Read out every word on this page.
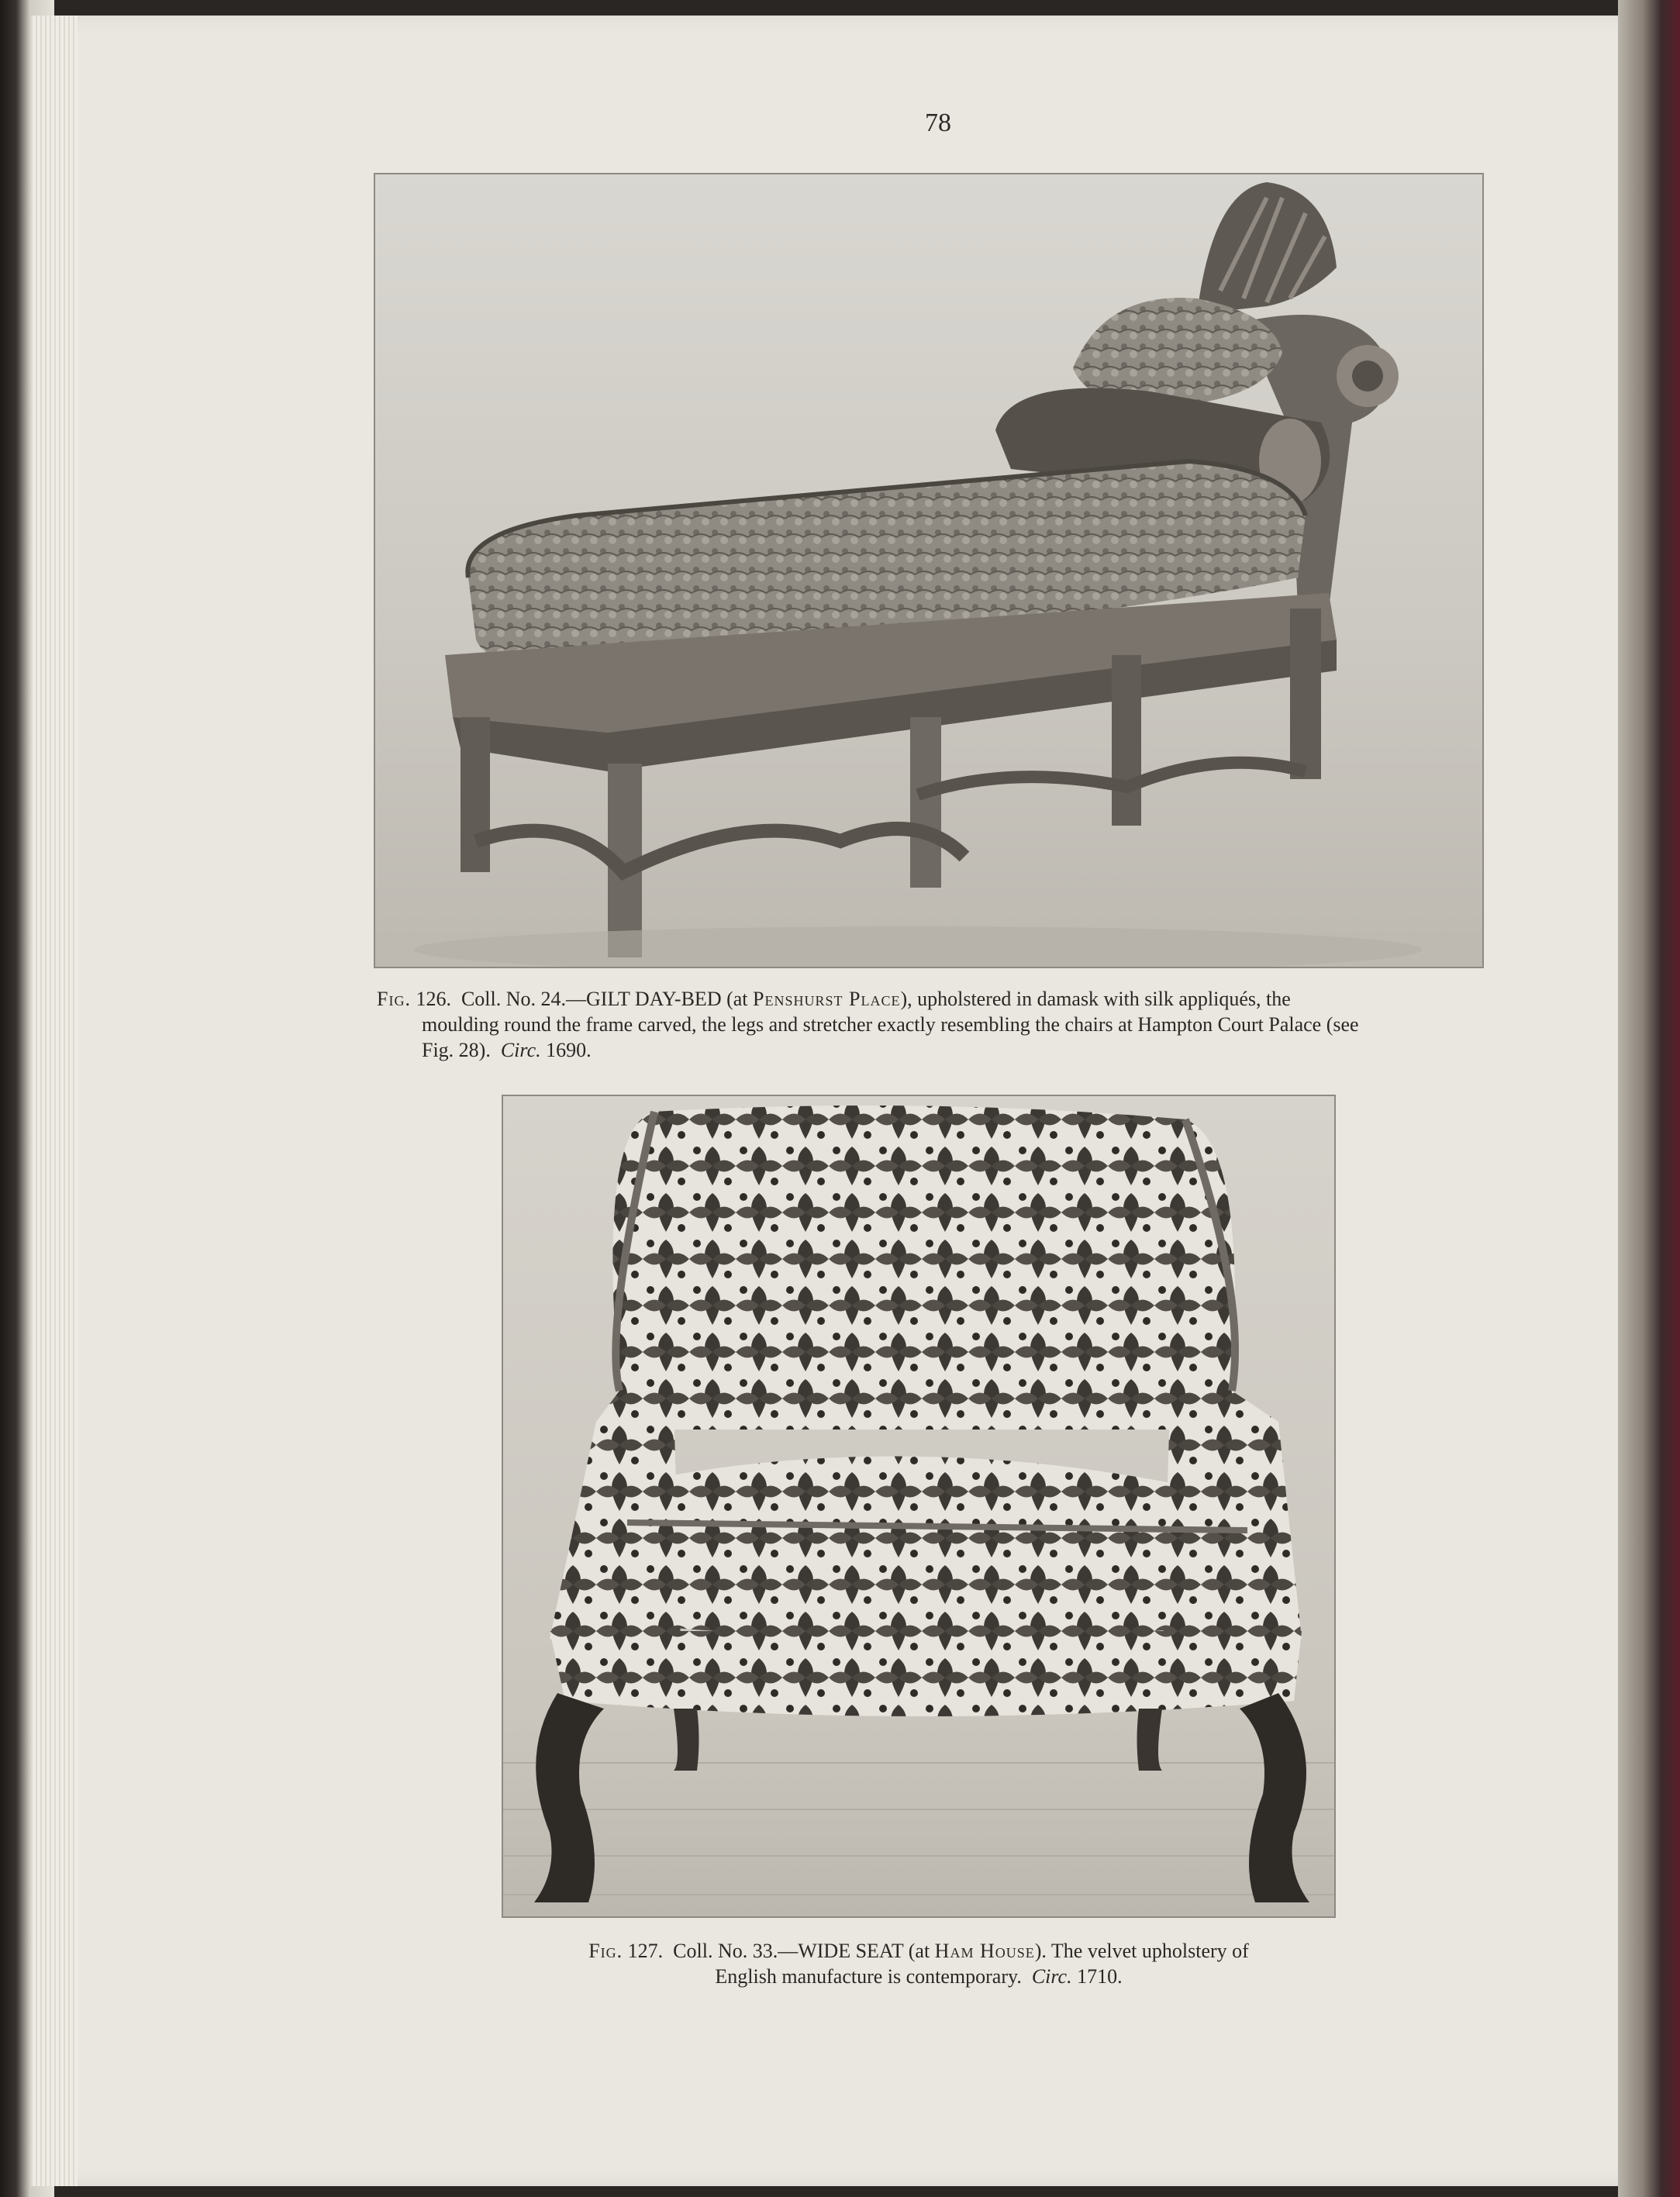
78
Fig. 126. Coll. No. 24.—GILT DAY-BED (at Penshurst Place), upholstered in damask with silk appliqués, the
moulding round the frame carved, the legs and stretcher exactly resembling the chairs at Hampton Court Palace (see
Fig. 28). Circ. 1690.
Fig. 127. Coll. No. 33.—WIDE SEAT (at Ham House). The velvet upholstery of
English manufacture is contemporary. Circ. 1710.
